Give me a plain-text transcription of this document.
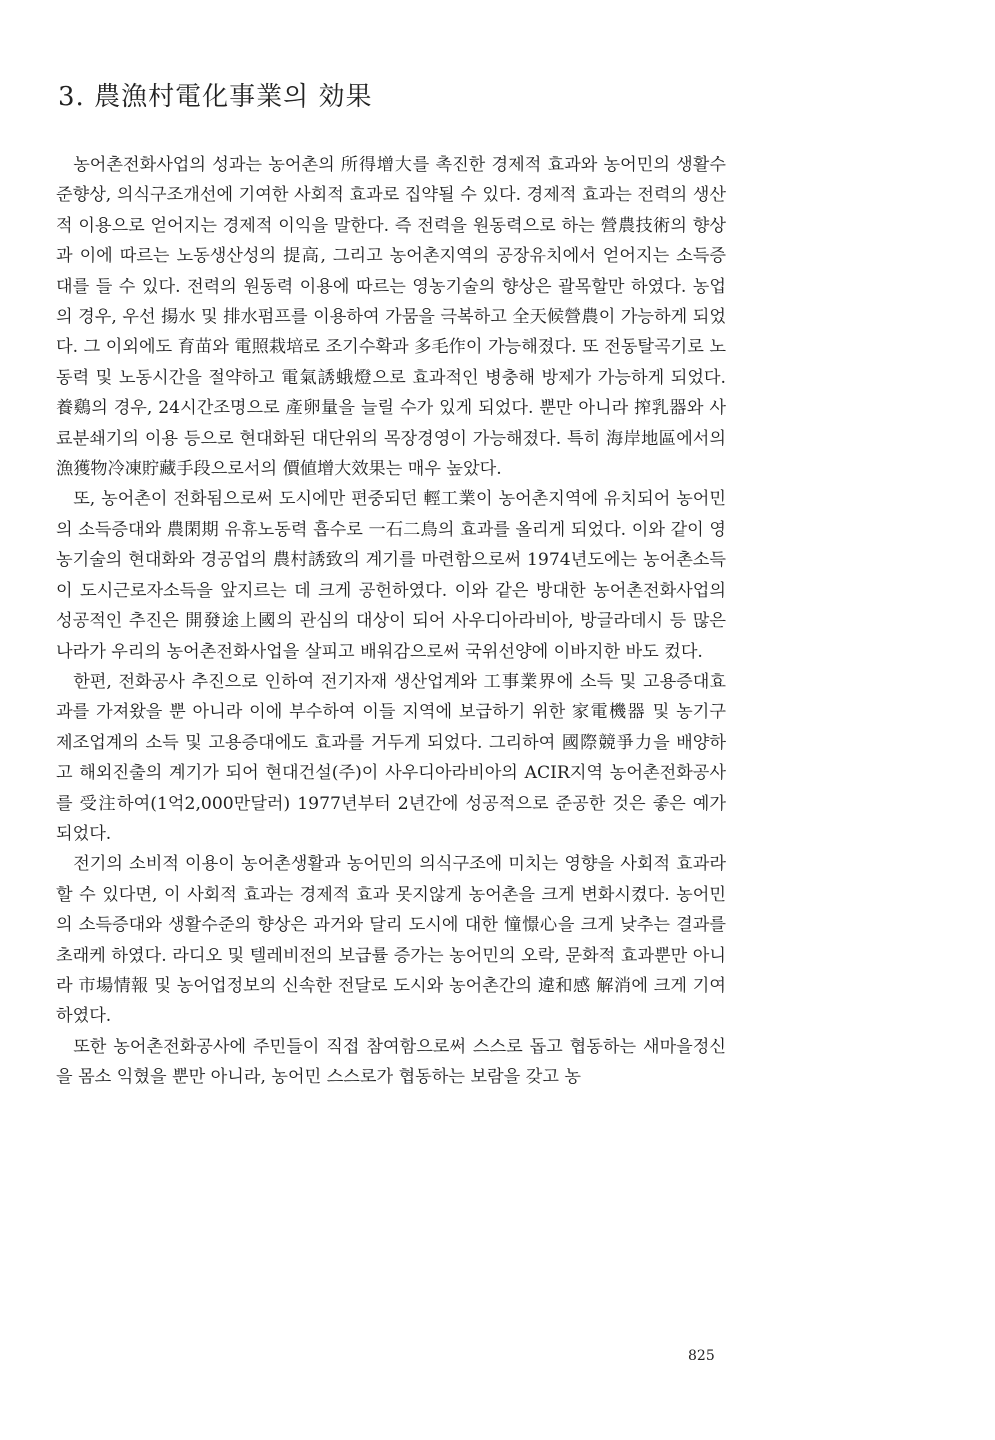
3. 農漁村電化事業의 効果

농어촌전화사업의 성과는 농어촌의 所得增大를 촉진한 경제적 효과와 농어민의 생활수준향상, 의식구조개선에 기여한 사회적 효과로 집약될 수 있다. 경제적 효과는 전력의 생산적 이용으로 얻어지는 경제적 이익을 말한다. 즉 전력을 원동력으로 하는 營農技術의 향상과 이에 따르는 노동생산성의 提高, 그리고 농어촌지역의 공장유치에서 얻어지는 소득증대를 들 수 있다. 전력의 원동력 이용에 따르는 영농기술의 향상은 괄목할만 하였다. 농업의 경우, 우선 揚水 및 排水펌프를 이용하여 가뭄을 극복하고 全天候營農이 가능하게 되었다. 그 이외에도 育苗와 電照栽培로 조기수확과 多毛作이 가능해졌다. 또 전동탈곡기로 노동력 및 노동시간을 절약하고 電氣誘蛾燈으로 효과적인 병충해 방제가 가능하게 되었다. 養鷄의 경우, 24시간조명으로 產卵量을 늘릴 수가 있게 되었다. 뿐만 아니라 搾乳器와 사료분쇄기의 이용 등으로 현대화된 대단위의 목장경영이 가능해졌다. 특히 海岸地區에서의 漁獲物冷凍貯藏手段으로서의 價値增大效果는 매우 높았다.

또, 농어촌이 전화됨으로써 도시에만 편중되던 輕工業이 농어촌지역에 유치되어 농어민의 소득증대와 農閑期 유휴노동력 흡수로 一石二鳥의 효과를 올리게 되었다. 이와 같이 영농기술의 현대화와 경공업의 農村誘致의 계기를 마련함으로써 1974년도에는 농어촌소득이 도시근로자소득을 앞지르는 데 크게 공헌하였다. 이와 같은 방대한 농어촌전화사업의 성공적인 추진은 開發途上國의 관심의 대상이 되어 사우디아라비아, 방글라데시 등 많은 나라가 우리의 농어촌전화사업을 살피고 배워감으로써 국위선양에 이바지한 바도 컸다.

한편, 전화공사 추진으로 인하여 전기자재 생산업계와 工事業界에 소득 및 고용증대효과를 가져왔을 뿐 아니라 이에 부수하여 이들 지역에 보급하기 위한 家電機器 및 농기구 제조업계의 소득 및 고용증대에도 효과를 거두게 되었다. 그리하여 國際競爭力을 배양하고 해외진출의 계기가 되어 현대건설(주)이 사우디아라비아의 ACIR지역 농어촌전화공사를 受注하여(1억2,000만달러) 1977년부터 2년간에 성공적으로 준공한 것은 좋은 예가 되었다.

전기의 소비적 이용이 농어촌생활과 농어민의 의식구조에 미치는 영향을 사회적 효과라 할 수 있다면, 이 사회적 효과는 경제적 효과 못지않게 농어촌을 크게 변화시켰다. 농어민의 소득증대와 생활수준의 향상은 과거와 달리 도시에 대한 憧憬心을 크게 낮추는 결과를 초래케 하였다. 라디오 및 텔레비전의 보급률 증가는 농어민의 오락, 문화적 효과뿐만 아니라 市場情報 및 농어업정보의 신속한 전달로 도시와 농어촌간의 違和感 解消에 크게 기여하였다.

또한 농어촌전화공사에 주민들이 직접 참여함으로써 스스로 돕고 협동하는 새마을정신을 몸소 익혔을 뿐만 아니라, 농어민 스스로가 협동하는 보람을 갖고 농

825
